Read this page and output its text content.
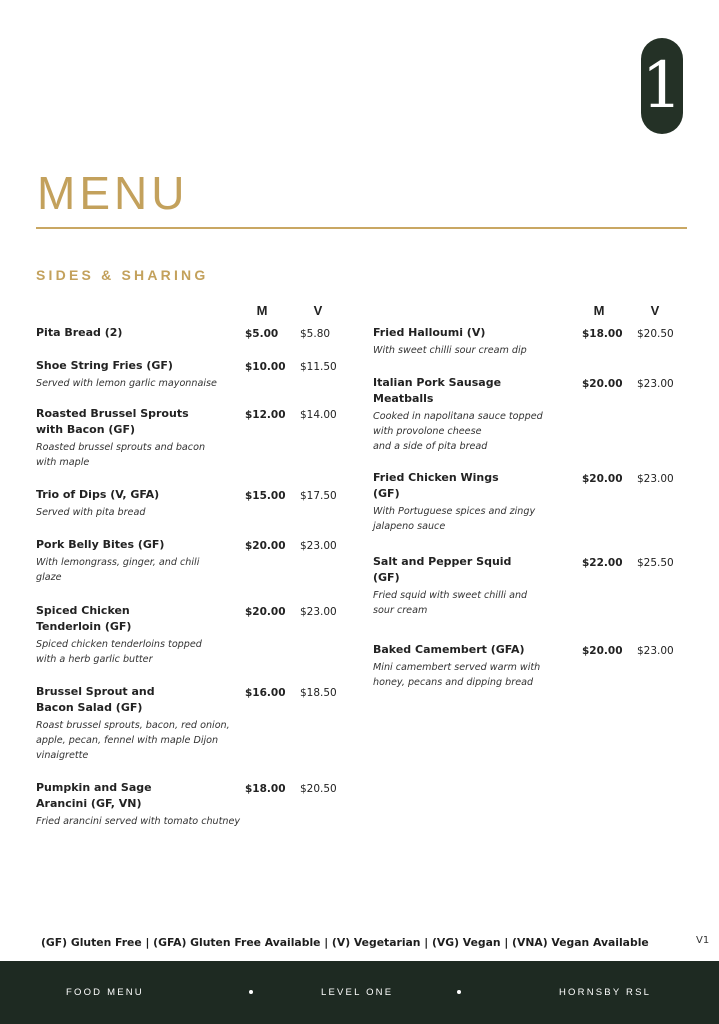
1
MENU
SIDES & SHARING
M	V	M	V
Pita Bread (2)	$5.00 $5.80
Shoe String Fries (GF)
Served with lemon garlic mayonnaise
$10.00 $11.50
Roasted Brussel Sprouts
with Bacon (GF)
Roasted brussel sprouts and bacon
with maple
$12.00 $14.00
Trio of Dips (V, GFA)
Served with pita bread
$15.00 $17.50
Pork Belly Bites (GF)
With lemongrass, ginger, and chili
glaze
$20.00 $23.00
Spiced Chicken
Tenderloin (GF)
Spiced chicken tenderloins topped
with a herb garlic butter
$20.00 $23.00
Brussel Sprout and
Bacon Salad (GF)
Roast brussel sprouts, bacon, red onion,
apple, pecan, fennel with maple Dijon
vinaigrette
$16.00 $18.50
Pumpkin and Sage
Arancini (GF, VN)
Fried arancini served with tomato chutney
$18.00 $20.50
Fried Halloumi (V)
With sweet chilli sour cream dip
$18.00 $20.50
Italian Pork Sausage
Meatballs
Cooked in napolitana sauce topped
with provolone cheese
and a side of pita bread
$20.00 $23.00
Fried Chicken Wings
(GF)
With Portuguese spices and zingy
jalapeno sauce
$20.00 $23.00
Salt and Pepper Squid
(GF)
Fried squid with sweet chilli and
sour cream
$22.00 $25.50
Baked Camembert (GFA)
Mini camembert served warm with
honey, pecans and dipping bread
$20.00 $23.00
(GF) Gluten Free | (GFA) Gluten Free Available | (V) Vegetarian | (VG) Vegan | (VNA) Vegan Available	V1
FOOD MENU	LEVEL ONE	HORNSBY RSL
